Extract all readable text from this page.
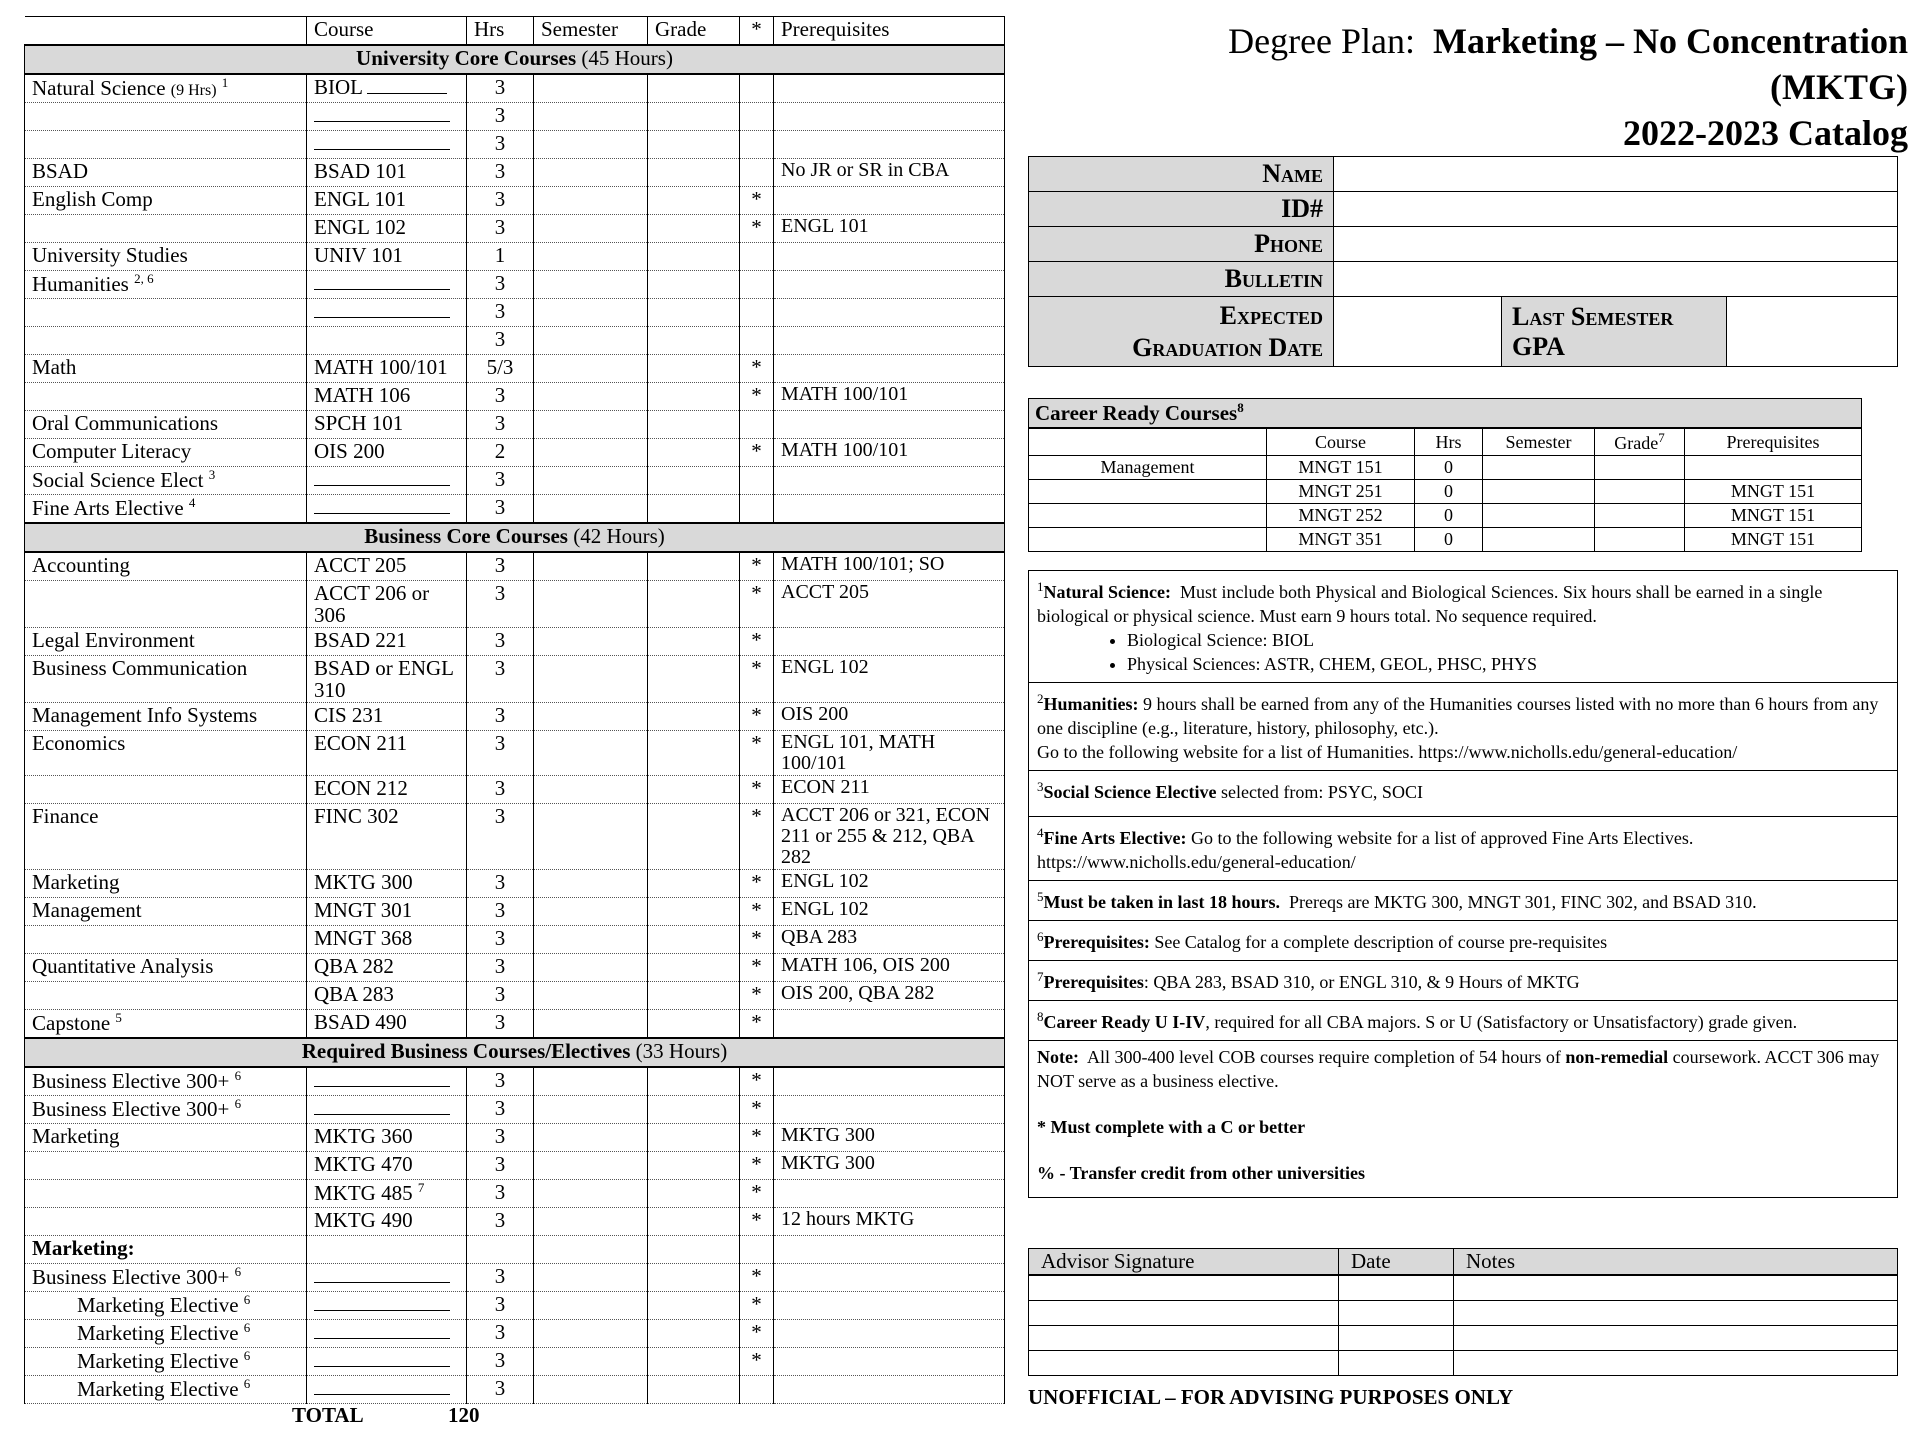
	Course	Hrs	Semester	Grade	*	Prerequisites
University Core Courses (45 Hours)						
Natural Science (9 Hrs) $^1$	BIOL	3				
		3				
		3				
BSAD	BSAD 101	3				No JR or SR in CBA
English Comp	ENGL 101	3			*	
	ENGL 102	3			*	ENGL 101
University Studies	UNIV 101	1				
Humanities $^{2, 6}$		3				
		3				
		3				
Math	MATH 100/101	5/3			*	
	MATH 106	3			*	MATH 100/101
Oral Communications	SPCH 101	3				
Computer Literacy	OIS 200	2			*	MATH 100/101
Social Science Elect $^3$		3				
Fine Arts Elective $^4$		3				
Business Core Courses (42 Hours)						
Accounting	ACCT 205	3			*	MATH 100/101; SO
	ACCT 206 or 306	3			*	ACCT 205
Legal Environment	BSAD 221	3			*	
Business Communication	BSAD or ENGL 310	3			*	ENGL 102
Management Info Systems	CIS 231	3			*	OIS 200
Economics	ECON 211	3			*	ENGL 101, MATH 100/101
	ECON 212	3			*	ECON 211
Finance	FINC 302	3			*	ACCT 206 or 321, ECON 211 or 255 & 212, QBA 282
Marketing	MKTG 300	3			*	ENGL 102
Management	MNGT 301	3			*	ENGL 102
	MNGT 368	3			*	QBA 283
Quantitative Analysis	QBA 282	3			*	MATH 106, OIS 200
	QBA 283	3			*	OIS 200, QBA 282
Capstone $^5$	BSAD 490	3			*	
Required Business Courses/Electives (33 Hours)						
Business Elective 300+ $^6$		3			*	
Business Elective 300+ $^6$		3			*	
Marketing	MKTG 360	3			*	MKTG 300
	MKTG 470	3			*	MKTG 300
	MKTG 485 $^7$	3			*	
	MKTG 490	3			*	12 hours MKTG
Marketing:						
Business Elective 300+ $^6$		3			*	
Marketing Elective $^6$		3			*	
Marketing Elective $^6$		3			*	
Marketing Elective $^6$		3			*	
Marketing Elective $^6$		3				
TOTAL	120
Degree Plan: Marketing – No Concentration
(MKTG)
2022-2023 Catalog
Name			
ID#			
Phone			
Bulletin			
Expected
Graduation Date		Last Semester
GPA	
Career Ready Courses$^8$
	Course	Hrs	Semester	Grade$^7$	Prerequisites
Management	MNGT 151	0			
	MNGT 251	0			MNGT 151
	MNGT 252	0			MNGT 151
	MNGT 351	0			MNGT 151
$^1$Natural Science: Must include both Physical and Biological Sciences. Six hours shall be earned in a single biological or physical science. Must earn 9 hours total. No sequence required.
• Biological Science: BIOL
• Physical Sciences: ASTR, CHEM, GEOL, PHSC, PHYS
$^2$Humanities: 9 hours shall be earned from any of the Humanities courses listed with no more than 6 hours from any one discipline (e.g., literature, history, philosophy, etc.).
Go to the following website for a list of Humanities. https://www.nicholls.edu/general-education/
$^3$Social Science Elective selected from: PSYC, SOCI
$^4$Fine Arts Elective: Go to the following website for a list of approved Fine Arts Electives.
https://www.nicholls.edu/general-education/
$^5$Must be taken in last 18 hours. Prereqs are MKTG 300, MNGT 301, FINC 302, and BSAD 310.
$^6$Prerequisites: See Catalog for a complete description of course pre-requisites
$^7$Prerequisites: QBA 283, BSAD 310, or ENGL 310, & 9 Hours of MKTG
$^8$Career Ready U I-IV, required for all CBA majors. S or U (Satisfactory or Unsatisfactory) grade given.

Note: All 300-400 level COB courses require completion of 54 hours of non-remedial coursework. ACCT 306 may NOT serve as a business elective.

* Must complete with a C or better

% - Transfer credit from other universities

Advisor Signature	Date	Notes

UNOFFICIAL – FOR ADVISING PURPOSES ONLY
